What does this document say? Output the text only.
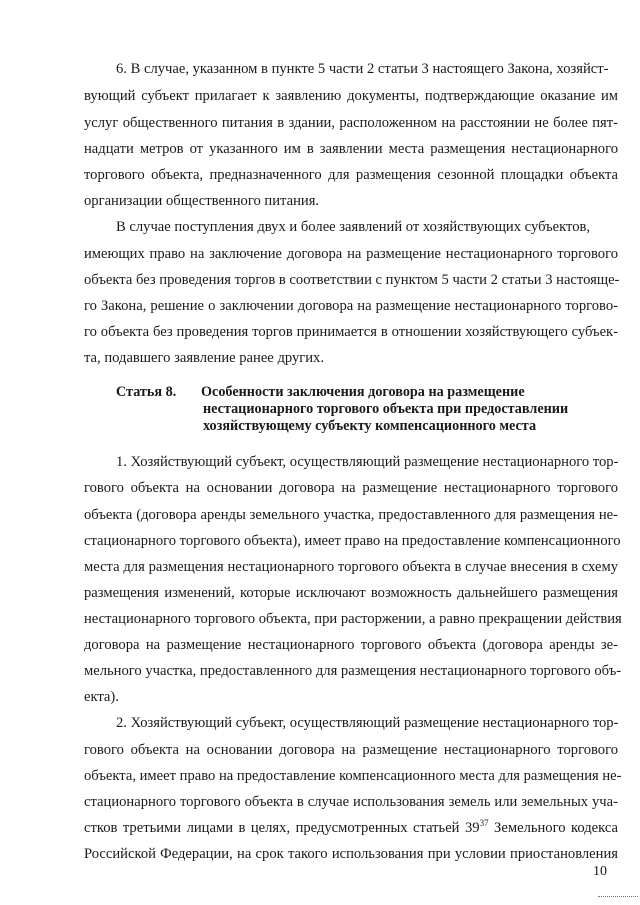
6. В случае, указанном в пункте 5 части 2 статьи 3 настоящего Закона, хозяйст-
вующий субъект прилагает к заявлению документы, подтверждающие оказание им
услуг общественного питания в здании, расположенном на расстоянии не более пят-
надцати метров от указанного им в заявлении места размещения нестационарного
торгового объекта, предназначенного для размещения сезонной площадки объекта
организации общественного питания.
В случае поступления двух и более заявлений от хозяйствующих субъектов,
имеющих право на заключение договора на размещение нестационарного торгового
объекта без проведения торгов в соответствии с пунктом 5 части 2 статьи 3 настояще-
го Закона, решение о заключении договора на размещение нестационарного торгово-
го объекта без проведения торгов принимается в отношении хозяйствующего субъек-
та, подавшего заявление ранее других.
Статья 8. Особенности заключения договора на размещение
нестационарного торгового объекта при предоставлении
хозяйствующему субъекту компенсационного места
1. Хозяйствующий субъект, осуществляющий размещение нестационарного тор-
гового объекта на основании договора на размещение нестационарного торгового
объекта (договора аренды земельного участка, предоставленного для размещения не-
стационарного торгового объекта), имеет право на предоставление компенсационного
места для размещения нестационарного торгового объекта в случае внесения в схему
размещения изменений, которые исключают возможность дальнейшего размещения
нестационарного торгового объекта, при расторжении, а равно прекращении действия
договора на размещение нестационарного торгового объекта (договора аренды зе-
мельного участка, предоставленного для размещения нестационарного торгового объ-
екта).
2. Хозяйствующий субъект, осуществляющий размещение нестационарного тор-
гового объекта на основании договора на размещение нестационарного торгового
объекта, имеет право на предоставление компенсационного места для размещения не-
стационарного торгового объекта в случае использования земель или земельных уча-
стков третьими лицами в целях, предусмотренных статьей $39^{37}$ Земельного кодекса
Российской Федерации, на срок такого использования при условии приостановления
10
